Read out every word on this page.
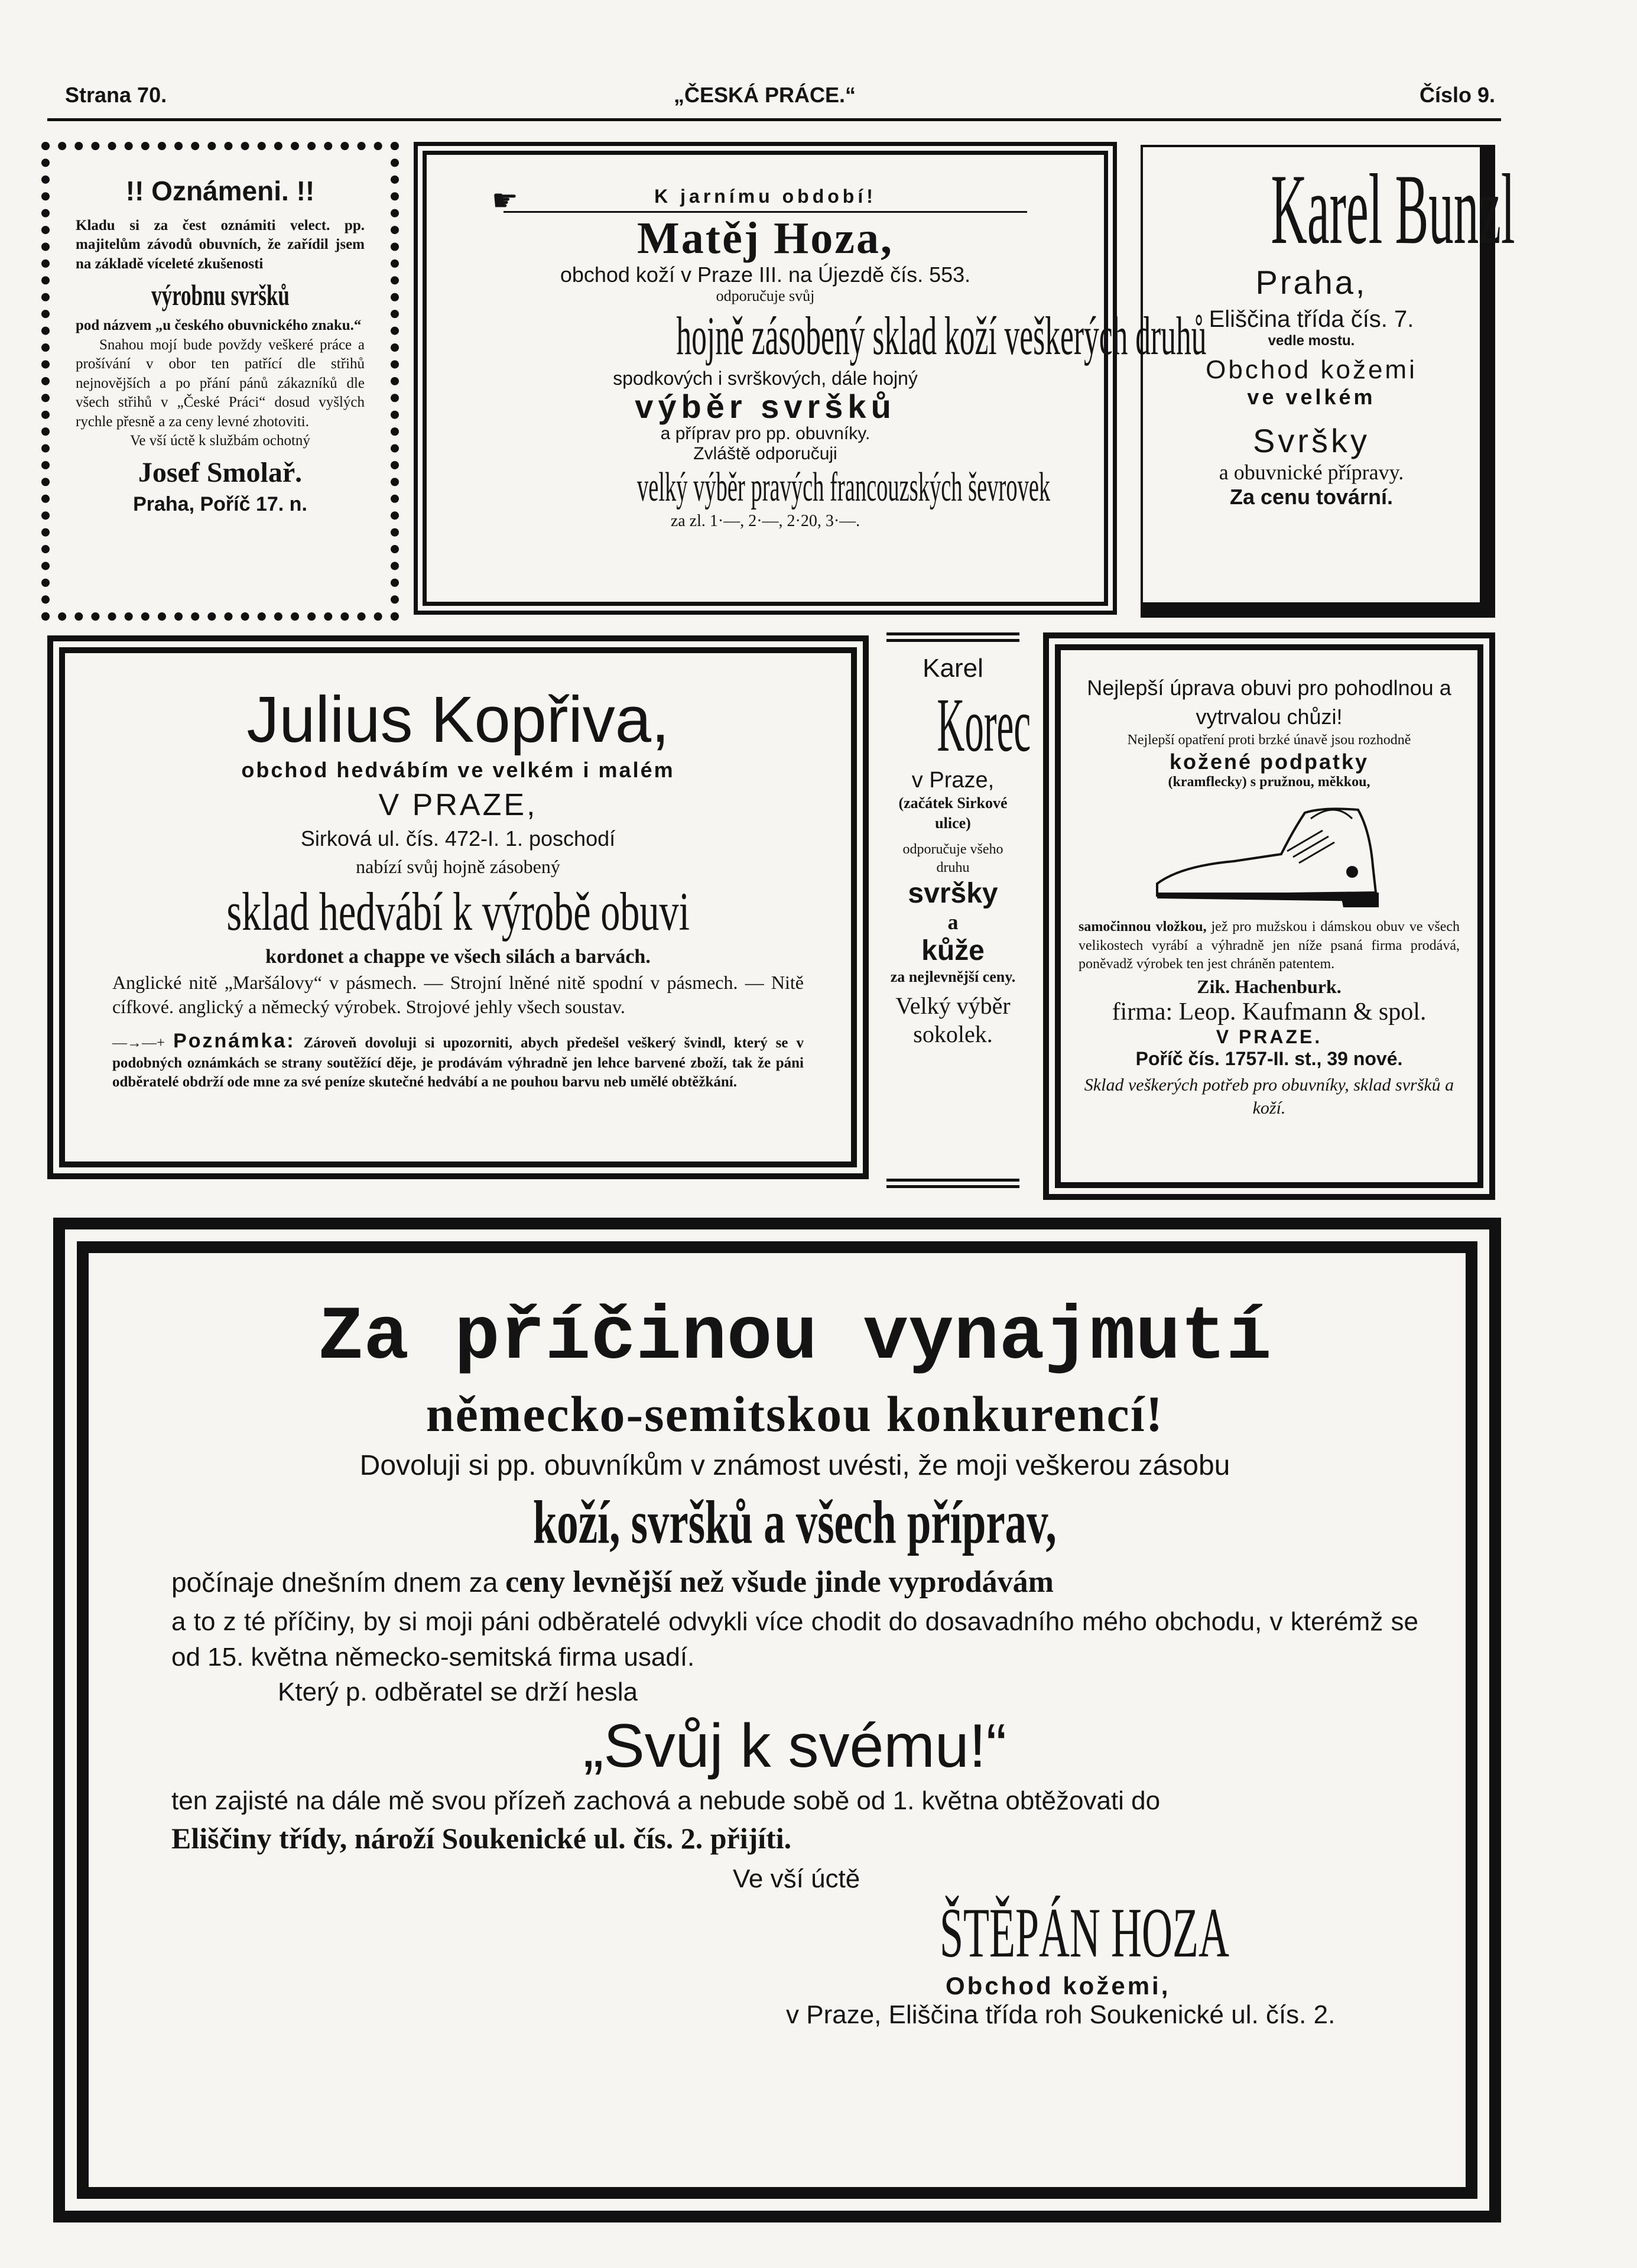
Strana 70.	„ČESKÁ PRÁCE.“	Číslo 9.
!! Oznámeni. !!

Kladu si za čest oznámiti velect. pp. majitelům závodů obuvních, že zařídil jsem na základě víceleté zkušenosti

výrobnu svršků

pod názvem „u českého obuvnického znaku.“

Snahou mojí bude povždy veškeré práce a prošívání v obor ten patřící dle střihů nejnovějších a po přání pánů zákazníků dle všech střihů v „České Práci“ dosud vyšlých rychle přesně a za ceny levné zhotoviti.

Ve vší úctě k službám ochotný

Josef Smolař.
Praha, Poříč 17. n.
☛	K jarnímu období!
Matěj Hoza,
obchod koží v Praze III. na Újezdě čís. 553.
odporučuje svůj
hojně zásobený sklad koží veškerých druhů
spodkových i svrškových, dále hojný
výběr svršků
a příprav pro pp. obuvníky.
Zvláště odporučuji
velký výběr pravých francouzských ševrovek
za zl. 1·—, 2·—, 2·20, 3·—.
Karel Bunzl
Praha,
Eliščina třída čís. 7.
vedle mostu.
Obchod kožemi
ve velkém
Svršky
a obuvnické přípravy.
Za cenu tovární.
Julius Kopřiva,
obchod hedvábím ve velkém i malém
V PRAZE,
Sirková ul. čís. 472-I. 1. poschodí
nabízí svůj hojně zásobený
sklad hedvábí k výrobě obuvi
kordonet a chappe ve všech silách a barvách.

Anglické nitě „Maršálovy“ v pásmech. — Strojní lněné nitě spodní v pásmech. — Nitě cífkové. anglický a německý výrobek. Strojové jehly všech soustav.

—→—+ Poznámka: Zároveň dovoluji si upozorniti, abych předešel veškerý švindl, který se v podobných oznámkách se strany soutěžící děje, je prodávám výhradně jen lehce barvené zboží, tak že páni odběratelé obdrží ode mne za své peníze skutečné hedvábí a ne pouhou barvu neb umělé obtěžkání.

Karel
Korec
v Praze,
(začátek Sirkové ulice)
odporučuje všeho druhu
svršky
a
kůže
za nejlevnější ceny.
Velký výběr sokolek.
Nejlepší úprava obuvi pro pohodlnou a vytrvalou chůzi!
Nejlepší opatření proti brzké únavě jsou rozhodně
kožené podpatky
(kramflecky) s pružnou, měkkou,

samočinnou vložkou, jež pro mužskou i dámskou obuv ve všech velikostech vyrábí a výhradně jen níže psaná firma prodává, poněvadž výrobek ten jest chráněn patentem.

Zik. Hachenburk.
firma: Leop. Kaufmann & spol.
V PRAZE.
Poříč čís. 1757-II. st., 39 nové.
Sklad veškerých potřeb pro obuvníky, sklad svršků a koží.
Za příčinou vynajmutí
německo-semitskou konkurencí!
Dovoluji si pp. obuvníkům v známost uvésti, že moji veškerou zásobu
koží, svršků a všech příprav,
počínaje dnešním dnem za ceny levnější než všude jinde vyprodávám

a to z té příčiny, by si moji páni odběratelé odvykli více chodit do dosavadního mého obchodu, v kterémž se od 15. května německo-semitská firma usadí.

Který p. odběratel se drží hesla
„Svůj k svému!“

ten zajisté na dále mě svou přízeň zachová a nebude sobě od 1. května obtěžovati do

Eliščiny třídy, nároží Soukenické ul. čís. 2. přijíti.
Ve vší úctě
ŠTĚPÁN HOZA
Obchod kožemi,
v Praze, Eliščina třída roh Soukenické ul. čís. 2.
